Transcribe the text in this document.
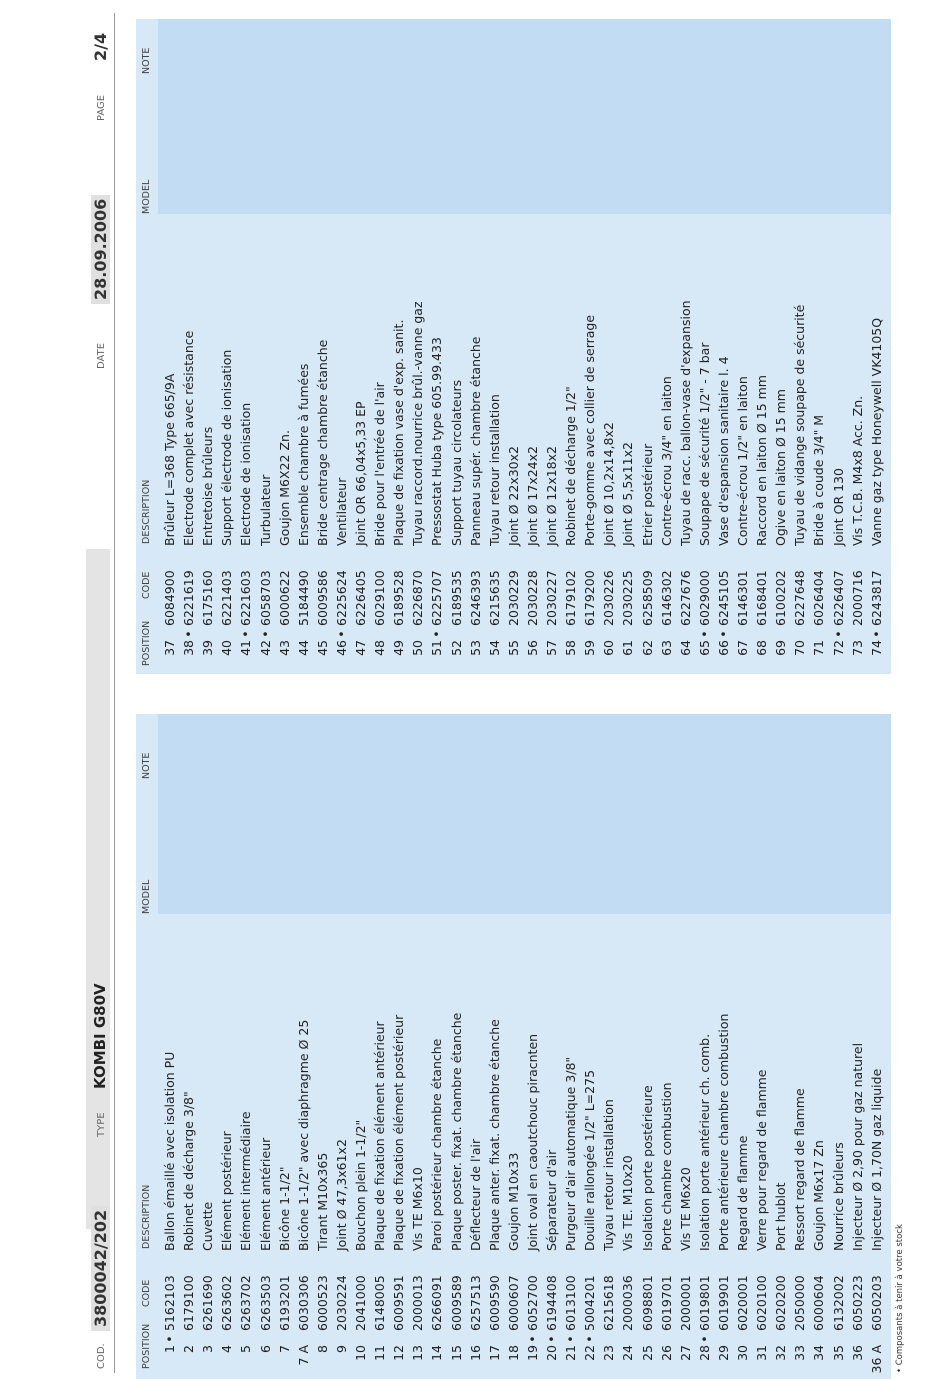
COD.
3800042/202
TYPE
KOMBI G80V
DATE
28.09.2006
PAGE
2/4
POSITION
CODE
DESCRIPTION
MODEL
NOTE
1
•
5162103
Ballon émaillé avec isolation PU
2
6179100
Robinet de décharge 3/8"
3
6261690
Cuvette
4
6263602
Elément postérieur
5
6263702
Elément intermédiaire
6
6263503
Elément antérieur
7
6193201
Bicône 1-1/2"
7 A
6030306
Bicône 1-1/2" avec diaphragme Ø 25
8
6000523
Tirant M10x365
9
2030224
Joint Ø 47,3x61x2
10
2041000
Bouchon plein 1-1/2"
11
6148005
Plaque de fixation élément antérieur
12
6009591
Plaque de fixation élément postérieur
13
2000013
Vis TE M6x10
14
6266091
Paroi postérieur chambre étanche
15
6009589
Plaque poster. fixat. chambre étanche
16
6257513
Déflecteur de l'air
17
6009590
Plaque anter. fixat. chambre étanche
18
6000607
Goujon M10x33
19
•
6052700
Joint oval en caoutchouc piracnten
20
•
6194408
Séparateur d'air
21
•
6013100
Purgeur d'air automatique 3/8"
22
•
5004201
Douille rallongée 1/2" L=275
23
6215618
Tuyau retour installation
24
2000036
Vis TE. M10x20
25
6098801
Isolation porte postérieure
26
6019701
Porte chambre combustion
27
2000001
Vis TE M6x20
28
•
6019801
Isolation porte antérieur ch. comb.
29
6019901
Porte antérieure chambre combustion
30
6020001
Regard de flamme
31
6020100
Verre pour regard de flamme
32
6020200
Port hublot
33
2050000
Ressort regard de flamme
34
6000604
Goujon M6x17 Zn
35
6132002
Nourrice brûleurs
36
6050223
Injecteur Ø 2,90 pour gaz naturel
36 A
6050203
Injecteur Ø 1,70N gaz liquide
POSITION
CODE
DESCRIPTION
MODEL
NOTE
37
6084900
Brûleur L=368 Type 665/9A
38
•
6221619
Electrode complet avec résistance
39
6175160
Entretoise brûleurs
40
6221403
Support électrode de ionisation
41
•
6221603
Electrode de ionisation
42
•
6058703
Turbulateur
43
6000622
Goujon M6X22 Zn.
44
5184490
Ensemble chambre à fumées
45
6009586
Bride centrage chambre étanche
46
•
6225624
Ventilateur
47
6226405
Joint OR 66,04x5,33 EP
48
6029100
Bride pour l'entrée de l'air
49
6189528
Plaque de fixation vase d'exp. sanit.
50
6226870
Tuyau raccord.nourrice brûl.-vanne gaz
51
•
6225707
Pressostat Huba type 605.99.433
52
6189535
Support tuyau circolateurs
53
6246393
Panneau supér. chambre étanche
54
6215635
Tuyau retour installation
55
2030229
Joint Ø 22x30x2
56
2030228
Joint Ø 17x24x2
57
2030227
Joint Ø 12x18x2
58
6179102
Robinet de décharge 1/2"
59
6179200
Porte-gomme avec collier de serrage
60
2030226
Joint Ø 10,2x14,8x2
61
2030225
Joint Ø 5,5x11x2
62
6258509
Etrier postérieur
63
6146302
Contre-écrou 3/4" en laiton
64
6227676
Tuyau de racc. ballon-vase d'expansion
65
•
6029000
Soupape de sécurité 1/2" - 7 bar
66
•
6245105
Vase d'espansion sanitaire l. 4
67
6146301
Contre-écrou 1/2" en laiton
68
6168401
Raccord en laiton Ø 15 mm
69
6100202
Ogive en laiton Ø 15 mm
70
6227648
Tuyau de vidange soupape de sécurité
71
6026404
Bride à coude 3/4" M
72
•
6226407
Joint OR 130
73
2000716
Vis T.C.B. M4x8 Acc. Zn.
74
•
6243817
Vanne gaz type Honeywell VK4105Q
• Composants à tenir à votre stock
